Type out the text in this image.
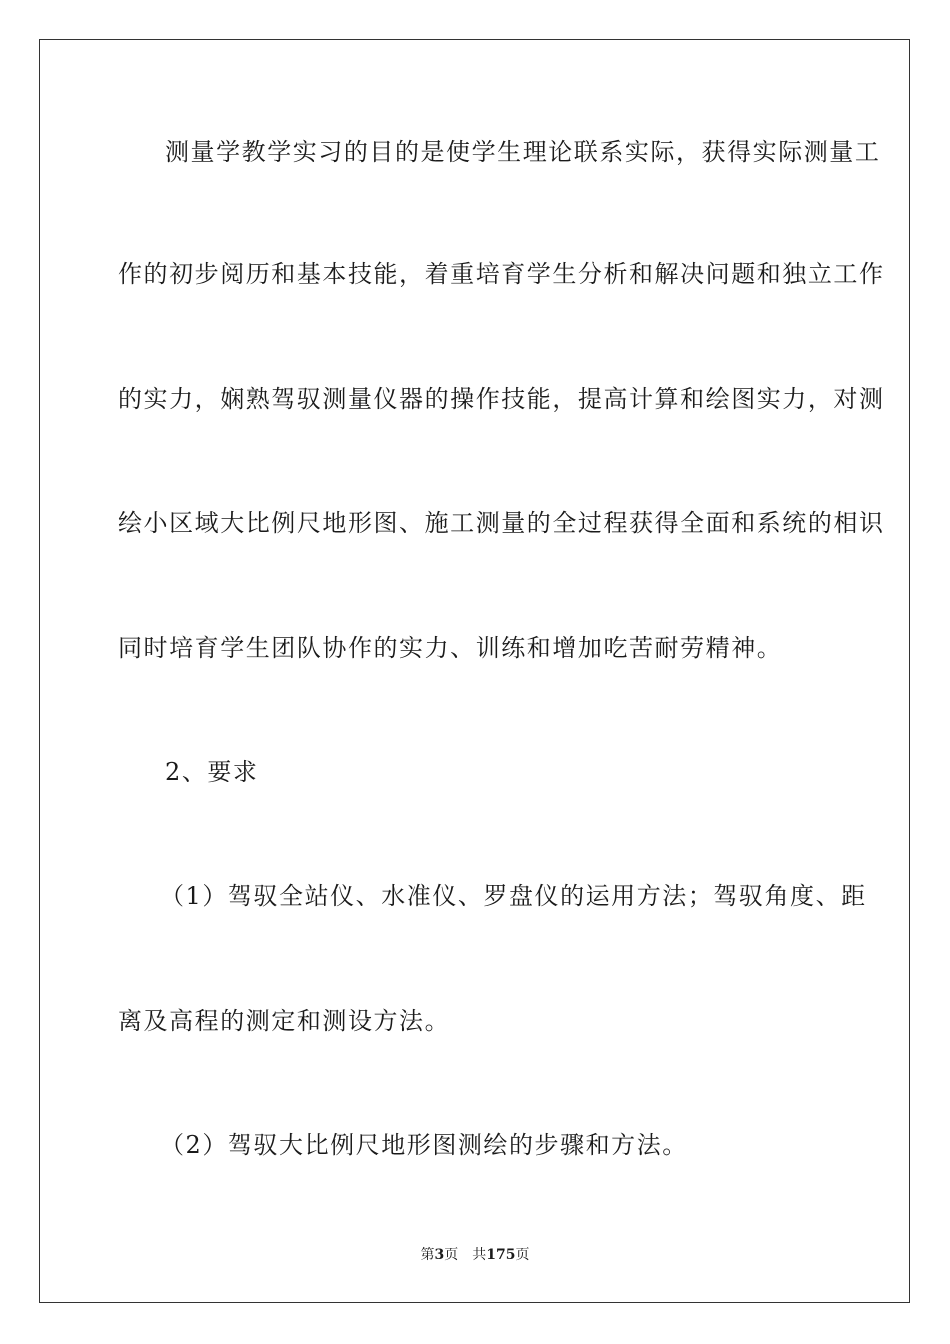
测量学教学实习的目的是使学生理论联系实际，获得实际测量工
作的初步阅历和基本技能，着重培育学生分析和解决问题和独立工作
的实力，娴熟驾驭测量仪器的操作技能，提高计算和绘图实力，对测
绘小区域大比例尺地形图、施工测量的全过程获得全面和系统的相识
同时培育学生团队协作的实力、训练和增加吃苦耐劳精神。
2、要求
（1）驾驭全站仪、水准仪、罗盘仪的运用方法；驾驭角度、距
离及高程的测定和测设方法。
（2）驾驭大比例尺地形图测绘的步骤和方法。
第3页 共175页
